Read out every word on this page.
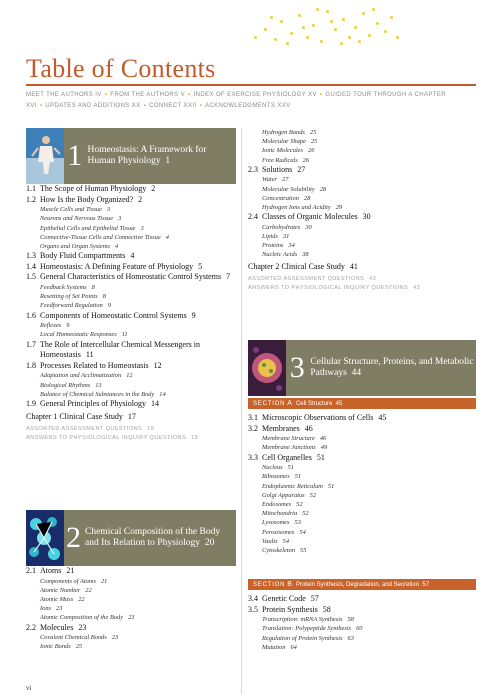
Table of Contents
MEET THE AUTHORS IV ▪ FROM THE AUTHORS V ▪ INDEX OF EXERCISE PHYSIOLOGY XV ▪ GUIDED TOUR THROUGH A CHAPTER XVI ▪ UPDATES AND ADDITIONS XX ▪ CONNECT XXII ▪ ACKNOWLEDGMENTS XXV
1 Homeostasis: A Framework for Human Physiology 1
1.1 The Scope of Human Physiology 2
1.2 How Is the Body Organized? 2
Muscle Cells and Tissue 3
Neurons and Nervous Tissue 3
Epithelial Cells and Epithelial Tissue 3
Connective-Tissue Cells and Connective Tissue 4
Organs and Organ Systems 4
1.3 Body Fluid Compartments 4
1.4 Homeostasis: A Defining Feature of Physiology 5
1.5 General Characteristics of Homeostatic Control Systems 7
Feedback Systems 8
Resetting of Set Points 8
Feedforward Regulation 9
1.6 Components of Homeostatic Control Systems 9
Reflexes 9
Local Homeostatic Responses 11
1.7 The Role of Intercellular Chemical Messengers in Homeostasis 11
1.8 Processes Related to Homeostasis 12
Adaptation and Acclimatization 12
Biological Rhythms 13
Balance of Chemical Substances in the Body 14
1.9 General Principles of Physiology 14
Chapter 1 Clinical Case Study 17
ASSORTED ASSESSMENT QUESTIONS 19
ANSWERS TO PHYSIOLOGICAL INQUIRY QUESTIONS 19
2 Chemical Composition of the Body and Its Relation to Physiology 20
2.1 Atoms 21
Components of Atoms 21
Atomic Number 22
Atomic Mass 22
Ions 23
Atomic Composition of the Body 23
2.2 Molecules 23
Covalent Chemical Bonds 23
Ionic Bonds 25
vi
Hydrogen Bonds 25
Molecular Shape 25
Ionic Molecules 26
Free Radicals 26
2.3 Solutions 27
Water 27
Molecular Solubility 28
Concentration 28
Hydrogen Ions and Acidity 29
2.4 Classes of Organic Molecules 30
Carbohydrates 30
Lipids 31
Proteins 34
Nucleic Acids 38
Chapter 2 Clinical Case Study 41
ASSORTED ASSESSMENT QUESTIONS 43
ANSWERS TO PHYSIOLOGICAL INQUIRY QUESTIONS 43
3 Cellular Structure, Proteins, and Metabolic Pathways 44
SECTION A Cell Structure 45
3.1 Microscopic Observations of Cells 45
3.2 Membranes 46
Membrane Structure 46
Membrane Junctions 49
3.3 Cell Organelles 51
Nucleus 51
Ribosomes 51
Endoplasmic Reticulum 51
Golgi Apparatus 52
Endosomes 52
Mitochondria 52
Lysosomes 53
Peroxisomes 54
Vaults 54
Cytoskeleton 55
SECTION B Protein Synthesis, Degradation, and Secretion 57
3.4 Genetic Code 57
3.5 Protein Synthesis 58
Transcription: mRNA Synthesis 58
Translation: Polypeptide Synthesis 60
Regulation of Protein Synthesis 63
Mutation 64
